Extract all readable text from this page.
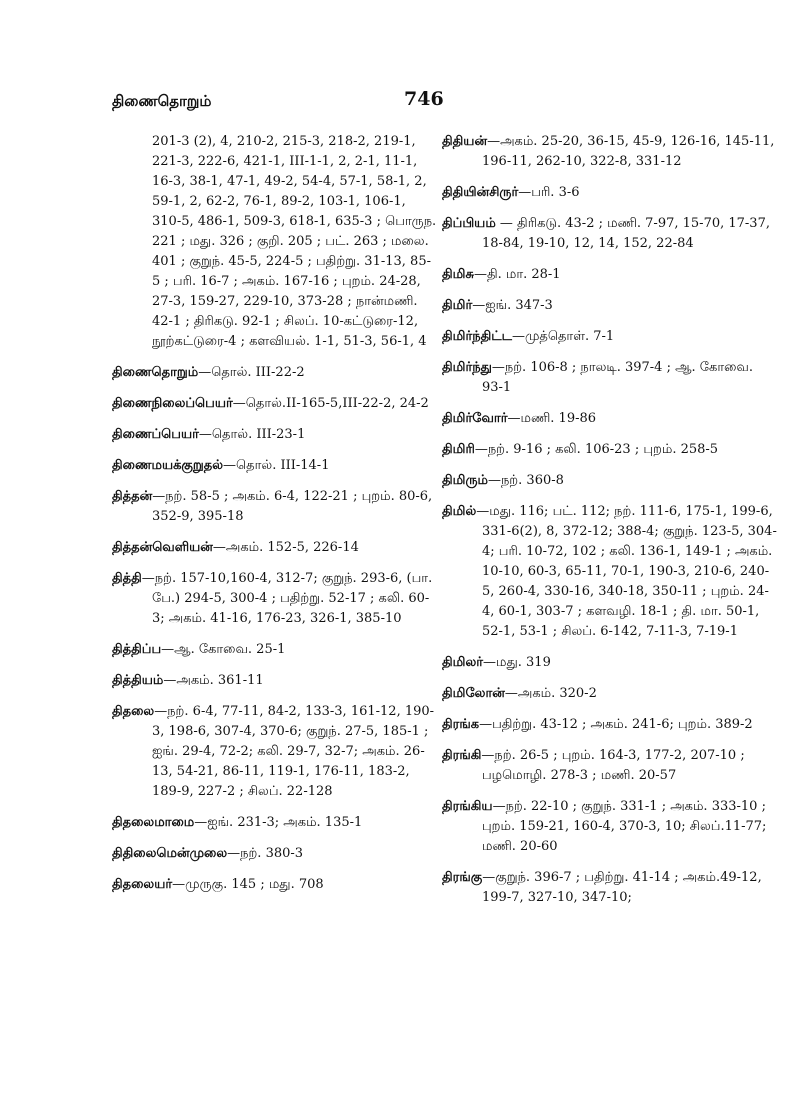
திணைதொறும்	746
201-3 (2), 4, 210-2, 215-3, 218-2, 219-1, 221-3, 222-6, 421-1, III-1-1, 2, 2-1, 11-1, 16-3, 38-1, 47-1, 49-2, 54-4, 57-1, 58-1, 2, 59-1, 2, 62-2, 76-1, 89-2, 103-1, 106-1, 310-5, 486-1, 509-3, 618-1, 635-3 ; பொருந. 221 ; மது. 326 ; குறி. 205 ; பட். 263 ; மலை. 401 ; குறுந். 45-5, 224-5 ; பதிற்று. 31-13, 85-5 ; பரி. 16-7 ; அகம். 167-16 ; புறம். 24-28, 27-3, 159-27, 229-10, 373-28 ; நான்மணி. 42-1 ; திரிகடு. 92-1 ; சிலப். 10-கட்டுரை-12, நூற்கட்டுரை-4 ; களவியல். 1-1, 51-3, 56-1, 4
திணைதொறும்—தொல். III-22-2
திணைநிலைப்பெயர்—தொல்.II-165-5,III-22-2, 24-2
திணைப்பெயர்—தொல். III-23-1
திணைமயக்குறுதல்—தொல். III-14-1
தித்தன்—நற். 58-5 ; அகம். 6-4, 122-21 ; புறம். 80-6, 352-9, 395-18
தித்தன்வெளியன்—அகம். 152-5, 226-14
தித்தி—நற். 157-10,160-4, 312-7; குறுந். 293-6, (பா. பே.) 294-5, 300-4 ; பதிற்று. 52-17 ; கலி. 60-3; அகம். 41-16, 176-23, 326-1, 385-10
தித்திப்ப—ஆ. கோவை. 25-1
தித்தியம்—அகம். 361-11
திதலை—நற். 6-4, 77-11, 84-2, 133-3, 161-12, 190-3, 198-6, 307-4, 370-6; குறுந். 27-5, 185-1 ; ஐங். 29-4, 72-2; கலி. 29-7, 32-7; அகம். 26-13, 54-21, 86-11, 119-1, 176-11, 183-2, 189-9, 227-2 ; சிலப். 22-128
திதலைமாமை—ஐங். 231-3; அகம். 135-1
திதிலைமென்முலை—நற். 380-3
திதலையர்—முருகு. 145 ; மது. 708
திதியன்—அகம். 25-20, 36-15, 45-9, 126-16, 145-11, 196-11, 262-10, 322-8, 331-12
திதியின்சிருர்—பரி. 3-6
திப்பியம் — திரிகடு. 43-2 ; மணி. 7-97, 15-70, 17-37, 18-84, 19-10, 12, 14, 152, 22-84
திமிசு—தி. மா. 28-1
திமிர்—ஐங். 347-3
திமிர்ந்திட்ட—முத்தொள். 7-1
திமிர்ந்து—நற். 106-8 ; நாலடி. 397-4 ; ஆ. கோவை. 93-1
திமிர்வோர்—மணி. 19-86
திமிரி—நற். 9-16 ; கலி. 106-23 ; புறம். 258-5
திமிரும்—நற். 360-8
திமில்—மது. 116; பட். 112; நற். 111-6, 175-1, 199-6, 331-6(2), 8, 372-12; 388-4; குறுந். 123-5, 304-4; பரி. 10-72, 102 ; கலி. 136-1, 149-1 ; அகம். 10-10, 60-3, 65-11, 70-1, 190-3, 210-6, 240-5, 260-4, 330-16, 340-18, 350-11 ; புறம். 24-4, 60-1, 303-7 ; களவழி. 18-1 ; தி. மா. 50-1, 52-1, 53-1 ; சிலப். 6-142, 7-11-3, 7-19-1
திமிலர்—மது. 319
திமிலோன்—அகம். 320-2
திரங்க—பதிற்று. 43-12 ; அகம். 241-6; புறம். 389-2
திரங்கி—நற். 26-5 ; புறம். 164-3, 177-2, 207-10 ; பழமொழி. 278-3 ; மணி. 20-57
திரங்கிய—நற். 22-10 ; குறுந். 331-1 ; அகம். 333-10 ; புறம். 159-21, 160-4, 370-3, 10; சிலப்.11-77; மணி. 20-60
திரங்கு—குறுந். 396-7 ; பதிற்று. 41-14 ; அகம்.49-12, 199-7, 327-10, 347-10;
